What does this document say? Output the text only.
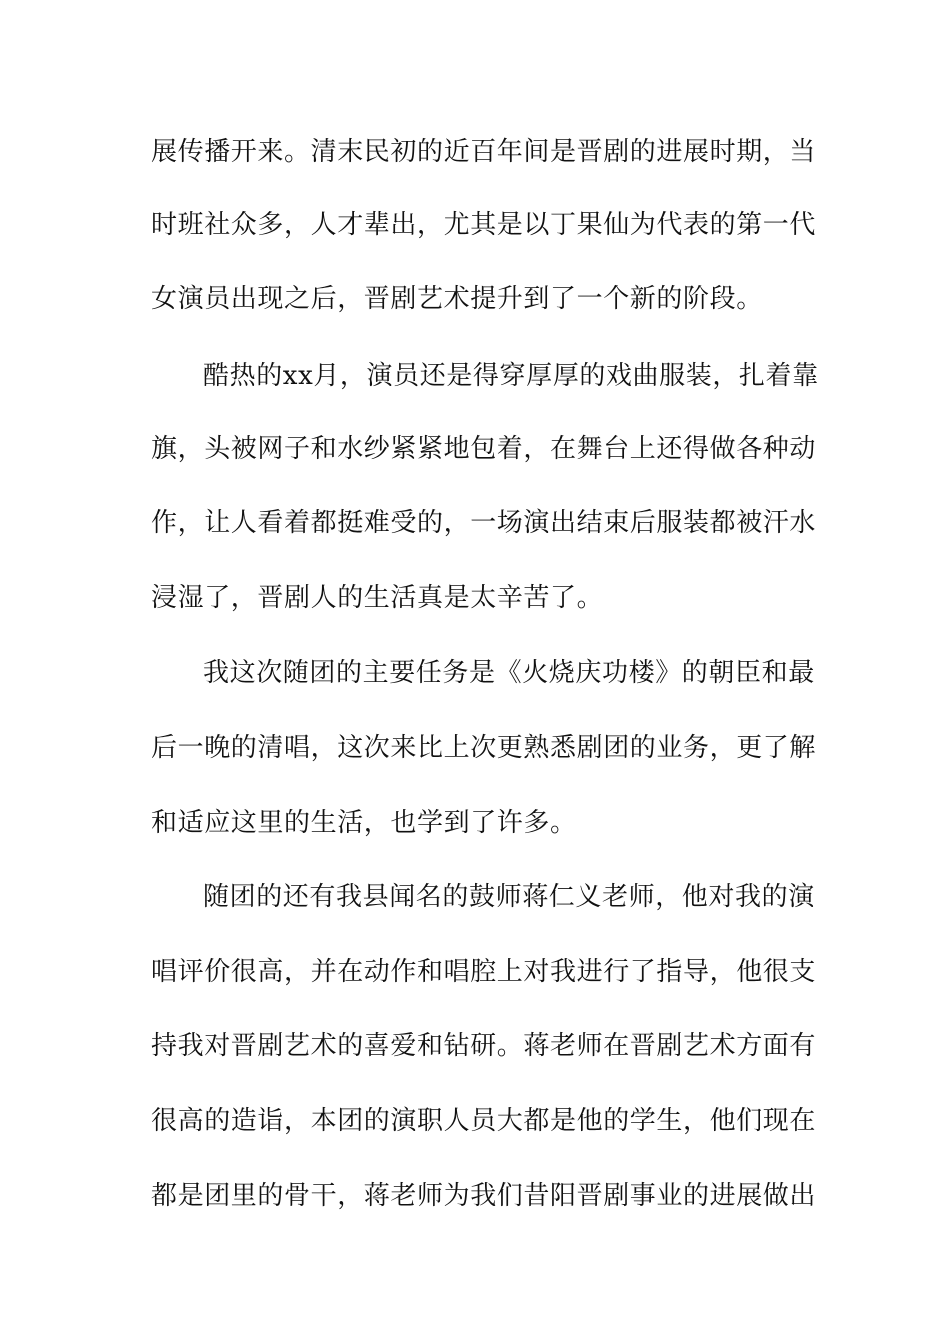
展传播开来。清末民初的近百年间是晋剧的进展时期，当

时班社众多，人才辈出，尤其是以丁果仙为代表的第一代

女演员出现之后，晋剧艺术提升到了一个新的阶段。

酷热的xx月，演员还是得穿厚厚的戏曲服装，扎着靠

旗，头被网子和水纱紧紧地包着，在舞台上还得做各种动

作，让人看着都挺难受的，一场演出结束后服装都被汗水

浸湿了，晋剧人的生活真是太辛苦了。

我这次随团的主要任务是《火烧庆功楼》的朝臣和最

后一晚的清唱，这次来比上次更熟悉剧团的业务，更了解

和适应这里的生活，也学到了许多。

随团的还有我县闻名的鼓师蒋仁义老师，他对我的演

唱评价很高，并在动作和唱腔上对我进行了指导，他很支

持我对晋剧艺术的喜爱和钻研。蒋老师在晋剧艺术方面有

很高的造诣，本团的演职人员大都是他的学生，他们现在

都是团里的骨干，蒋老师为我们昔阳晋剧事业的进展做出
